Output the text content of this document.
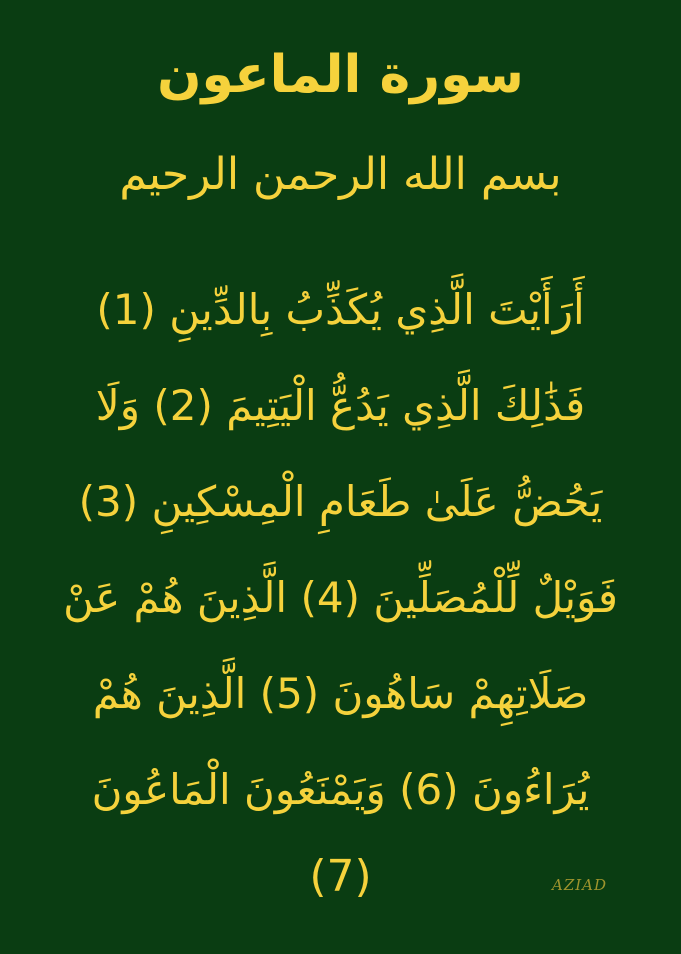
سورة الماعون
بسم الله الرحمن الرحيم
أَرَأَيْتَ الَّذِي يُكَذِّبُ بِالدِّينِ (1)
فَذَٰلِكَ الَّذِي يَدُعُّ الْيَتِيمَ (2) وَلَا
يَحُضُّ عَلَىٰ طَعَامِ الْمِسْكِينِ (3)
فَوَيْلٌ لِّلْمُصَلِّينَ (4) الَّذِينَ هُمْ عَنْ
صَلَاتِهِمْ سَاهُونَ (5) الَّذِينَ هُمْ
يُرَاءُونَ (6) وَيَمْنَعُونَ الْمَاعُونَ
(7)	AZIAD
